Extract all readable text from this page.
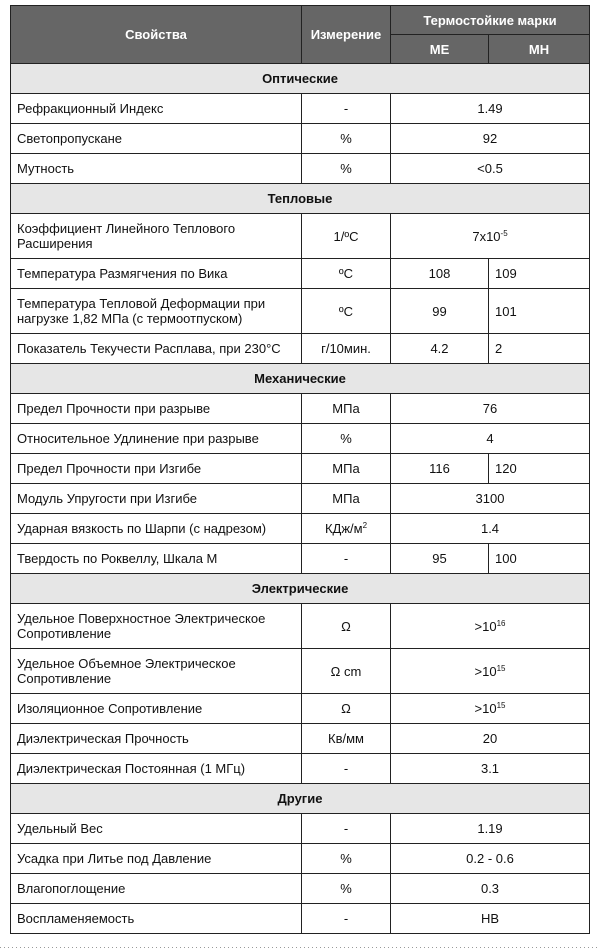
Свойства	Измерение	Термостойкие марки	
		МЕ	МН
Оптические			
Рефракционный Индекс	-	1.49	
Светопропускане	%	92	
Мутность	%	<0.5	
Тепловые			
Коэффициент Линейного Теплового Расширения	1/ºC	$7x10^{-5}$
Температура Размягчения по Вика	ºC	108	109
Температура Тепловой Деформации при нагрузке 1,82 МПа (с термоотпуском)	ºC	99	101
Показатель Текучести Расплава, при 230°C	г/10мин.	4.2	2
Механические			
Предел Прочности при разрыве	МПа	76	
Относительное Удлинение при разрыве	%	4	
Предел Прочности при Изгибе	МПа	116	120
Модуль Упругости при Изгибе	МПа	3100	
Ударная вязкость по Шарпи (с надрезом)	КДж/$м^2$	1.4	
Твердость по Роквеллу, Шкала М	-	95	100
Электрические			
Удельное Поверхностное Электрическое Сопротивление	Ω	$>10^{16}$
Удельное Объемное Электрическое Сопротивление	Ω cm	$>10^{15}$
Изоляционное Сопротивление	Ω	$>10^{15}$
Диэлектрическая Прочность	Кв/мм	20	
Диэлектрическая Постоянная (1 МГц)	-	3.1	
Другие			
Удельный Вес	-	1.19	
Усадка при Литье под Давление	%	0.2 - 0.6	
Влагопоглощение	%	0.3	
Воспламеняемость	-	HB	
